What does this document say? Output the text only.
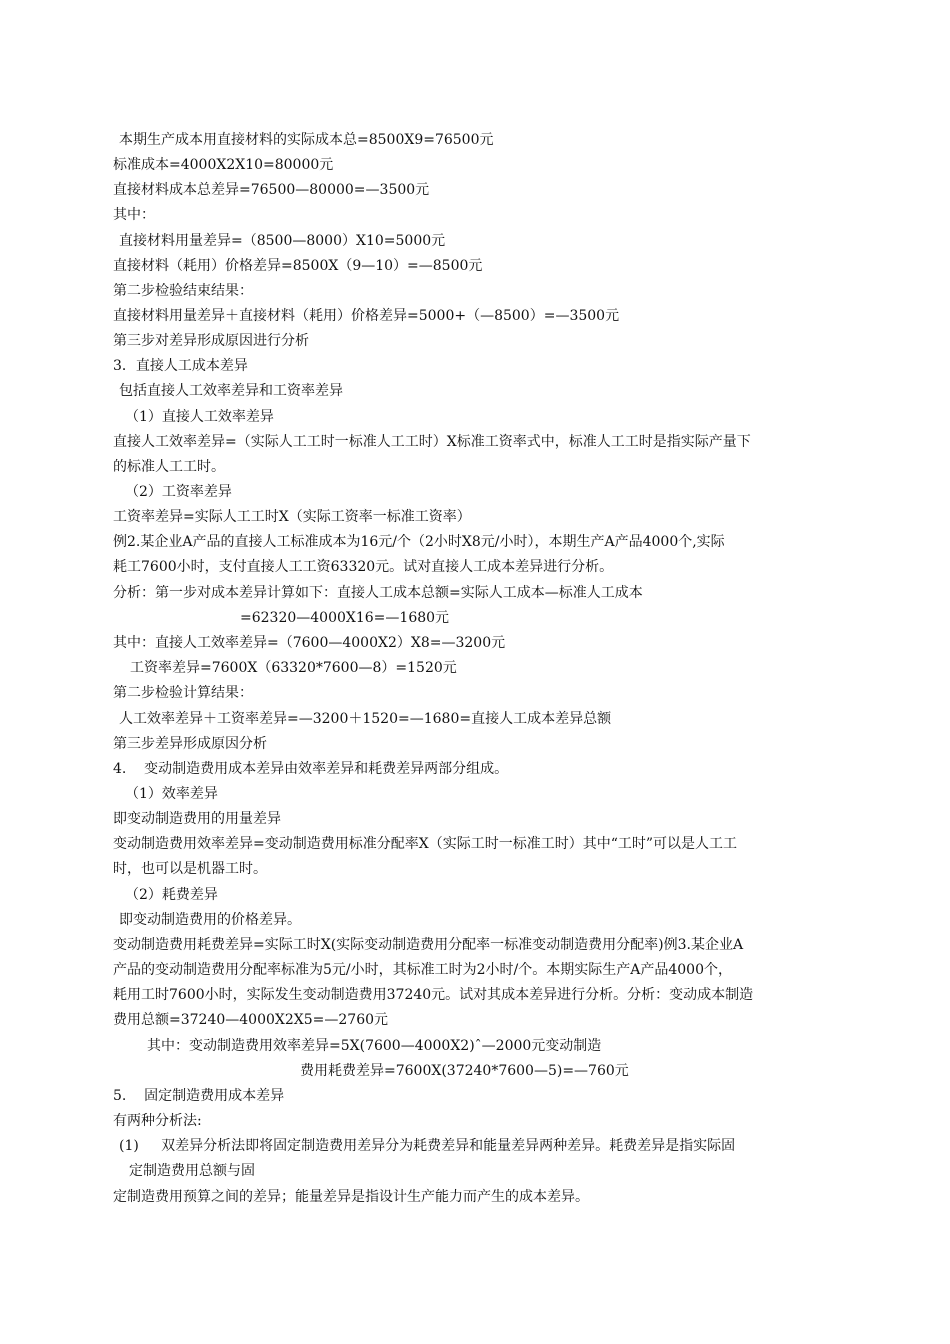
本期生产成本用直接材料的实际成本总=8500X9=76500元
标准成本=4000X2X10=80000元
直接材料成本总差异=76500—80000=—3500元
其中：
直接材料用量差异=（8500—8000）X10=5000元
直接材料（耗用）价格差异=8500X（9—10）=—8500元
第二步检验结束结果：
直接材料用量差异＋直接材料（耗用）价格差异=5000+（—8500）=—3500元
第三步对差异形成原因进行分析
3．直接人工成本差异
包括直接人工效率差异和工资率差异
（1）直接人工效率差异
直接人工效率差异=（实际人工工时一标准人工工时）X标准工资率式中，标准人工工时是指实际产量下
的标准人工工时。
（2）工资率差异
工资率差异=实际人工工时X（实际工资率一标准工资率）
例2.某企业A产品的直接人工标准成本为16元/个（2小时X8元/小时），本期生产A产品4000个,实际
耗工7600小时，支付直接人工工资63320元。试对直接人工成本差异进行分析。
分析：第一步对成本差异计算如下：直接人工成本总额=实际人工成本—标准人工成本
=62320—4000X16=—1680元
其中：直接人工效率差异=（7600—4000X2）X8=—3200元
工资率差异=7600X（63320*7600—8）=1520元
第二步检验计算结果：
人工效率差异＋工资率差异=—3200＋1520=—1680=直接人工成本差异总额
第三步差异形成原因分析
4.    变动制造费用成本差异由效率差异和耗费差异两部分组成。
（1）效率差异
即变动制造费用的用量差异
变动制造费用效率差异=变动制造费用标准分配率X（实际工时一标准工时）其中“工时”可以是人工工
时，也可以是机器工时。
（2）耗费差异
即变动制造费用的价格差异。
变动制造费用耗费差异=实际工时X(实际变动制造费用分配率一标准变动制造费用分配率)例3.某企业A
产品的变动制造费用分配率标准为5元/小时，其标准工时为2小时/个。本期实际生产A产品4000个，
耗用工时7600小时，实际发生变动制造费用37240元。试对其成本差异进行分析。分析：变动成本制造
费用总额=37240—4000X2X5=—2760元
其中：变动制造费用效率差异=5X(7600—4000X2)ˆ—2000元变动制造
费用耗费差异=7600X(37240*7600—5)=—760元
5.    固定制造费用成本差异
有两种分析法:
(1)     双差异分析法即将固定制造费用差异分为耗费差异和能量差异两种差异。耗费差异是指实际固
定制造费用总额与固
定制造费用预算之间的差异；能量差异是指设计生产能力而产生的成本差异。
